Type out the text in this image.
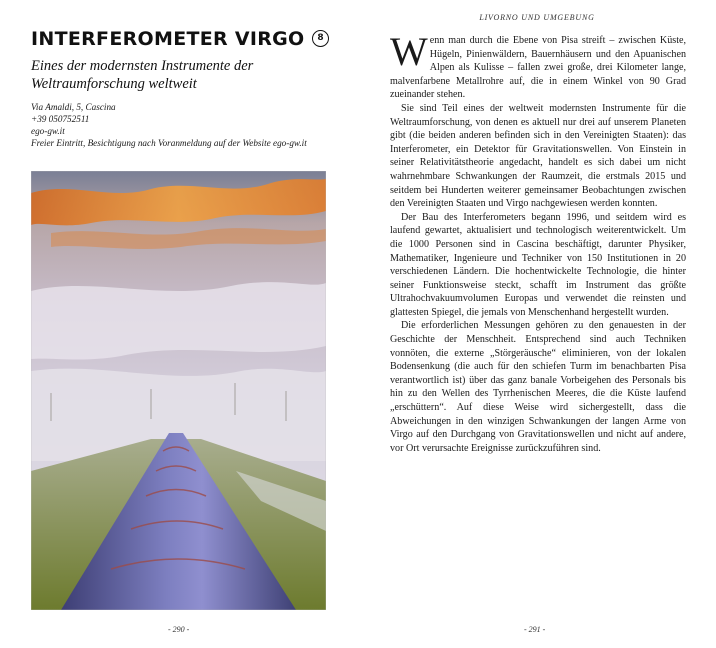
INTERFEROMETER VIRGO	8
Eines der modernsten Instrumente der Weltraumforschung weltweit
Via Amaldi, 5, Cascina
+39 050752511
ego-gw.it
Freier Eintritt, Besichtigung nach Voranmeldung auf der Website ego-gw.it
- 290 -
LIVORNO UND UMGEBUNG

Wenn man durch die Ebene von Pisa streift – zwischen Küste, Hügeln, Pinienwäldern, Bauernhäusern und den Apuanischen Alpen als Kulisse – fallen zwei große, drei Kilometer lange, malvenfarbene Metallrohre auf, die in einem Winkel von 90 Grad zueinander stehen.

Sie sind Teil eines der weltweit modernsten Instrumente für die Weltraumforschung, von denen es aktuell nur drei auf unserem Planeten gibt (die beiden anderen befinden sich in den Vereinigten Staaten): das Interferometer, ein Detektor für Gravitationswellen. Von Einstein in seiner Relativitätstheorie angedacht, handelt es sich dabei um nicht wahrnehmbare Schwankungen der Raumzeit, die erstmals 2015 und seitdem bei Hunderten weiterer gemeinsamer Beobachtungen zwischen den Vereinigten Staaten und Virgo nachgewiesen werden konnten.

Der Bau des Interferometers begann 1996, und seitdem wird es laufend gewartet, aktualisiert und technologisch weiterentwickelt. Um die 1000 Personen sind in Cascina beschäftigt, darunter Physiker, Mathematiker, Ingenieure und Techniker von 150 Institutionen in 20 verschiedenen Ländern. Die hochentwickelte Technologie, die hinter seiner Funktionsweise steckt, schafft im Instrument das größte Ultrahochvakuumvolumen Europas und verwendet die reinsten und glattesten Spiegel, die jemals von Menschenhand hergestellt wurden.

Die erforderlichen Messungen gehören zu den genauesten in der Geschichte der Menschheit. Entsprechend sind auch Techniken vonnöten, die externe „Störgeräusche“ eliminieren, von der lokalen Bodensenkung (die auch für den schiefen Turm im benachbarten Pisa verantwortlich ist) über das ganz banale Vorbeigehen des Personals bis hin zu den Wellen des Tyrrhenischen Meeres, die die Küste laufend „erschüttern“. Auf diese Weise wird sichergestellt, dass die Abweichungen in den winzigen Schwankungen der langen Arme von Virgo auf den Durchgang von Gravitationswellen und nicht auf andere, vor Ort verursachte Ereignisse zurückzuführen sind.

- 291 -
